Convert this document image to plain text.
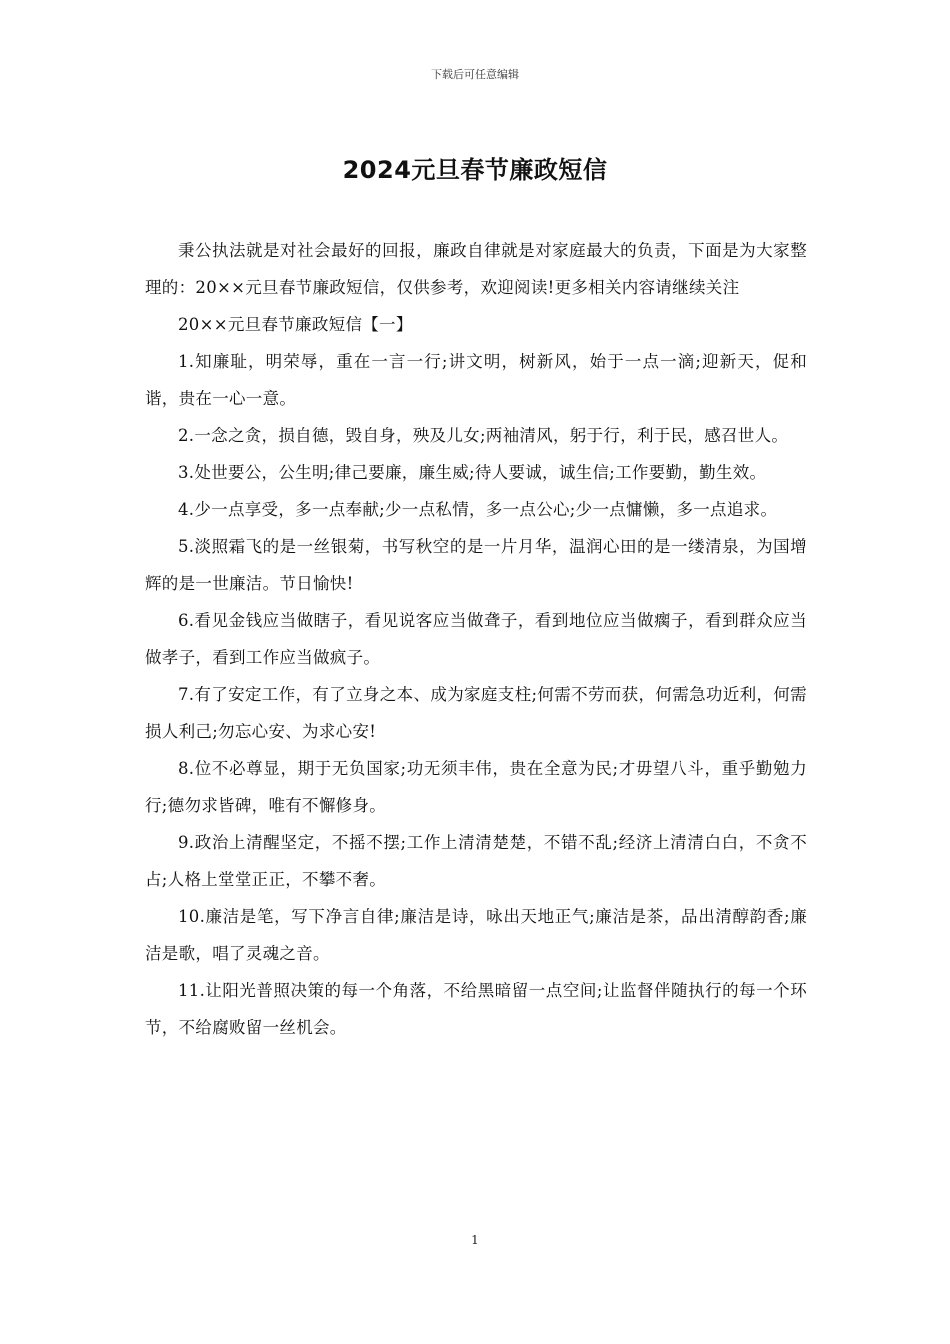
下载后可任意编辑
2024元旦春节廉政短信

秉公执法就是对社会最好的回报，廉政自律就是对家庭最大的负责，下面是为大家整理的：20××元旦春节廉政短信，仅供参考，欢迎阅读!更多相关内容请继续关注

20××元旦春节廉政短信【一】

1.知廉耻，明荣辱，重在一言一行;讲文明，树新风，始于一点一滴;迎新天，促和谐，贵在一心一意。

2.一念之贪，损自德，毁自身，殃及儿女;两袖清风，躬于行，利于民，感召世人。

3.处世要公，公生明;律己要廉，廉生威;待人要诚，诚生信;工作要勤，勤生效。

4.少一点享受，多一点奉献;少一点私情，多一点公心;少一点慵懒，多一点追求。

5.淡照霜飞的是一丝银菊，书写秋空的是一片月华，温润心田的是一缕清泉，为国增辉的是一世廉洁。节日愉快!

6.看见金钱应当做瞎子，看见说客应当做聋子，看到地位应当做瘸子，看到群众应当做孝子，看到工作应当做疯子。

7.有了安定工作，有了立身之本、成为家庭支柱;何需不劳而获，何需急功近利，何需损人利己;勿忘心安、为求心安!

8.位不必尊显，期于无负国家;功无须丰伟，贵在全意为民;才毋望八斗，重乎勤勉力行;德勿求皆碑，唯有不懈修身。

9.政治上清醒坚定，不摇不摆;工作上清清楚楚，不错不乱;经济上清清白白，不贪不占;人格上堂堂正正，不攀不奢。

10.廉洁是笔，写下净言自律;廉洁是诗，咏出天地正气;廉洁是茶，品出清醇韵香;廉洁是歌，唱了灵魂之音。

11.让阳光普照决策的每一个角落，不给黑暗留一点空间;让监督伴随执行的每一个环节，不给腐败留一丝机会。

1
